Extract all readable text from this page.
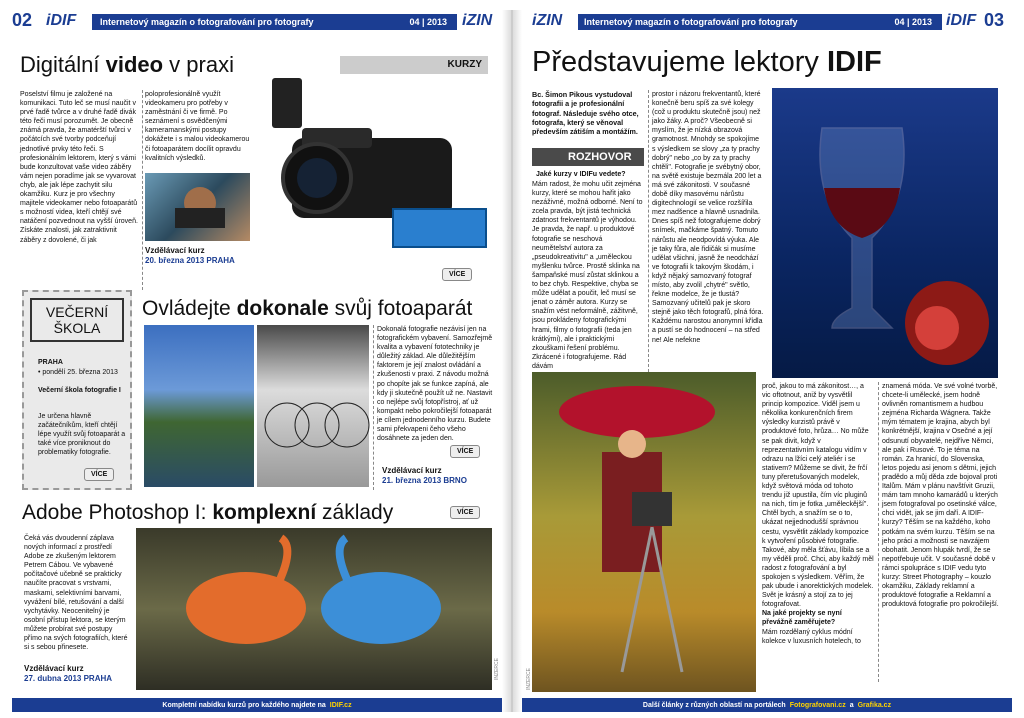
02 iDIF	Internetový magazín o fotografování pro fotografy	04 | 2013 iZIN
Digitální video v praxi	KURZY
Poselství filmu je založené na komunikaci. Tuto leč se musí naučit v prvé řadě tvůrce a v druhé řadě divák této řeči musí porozumět. Je obecně známá pravda, že amatérští tvůrci v počátcích své tvorby podceňují jednotlivé prvky této řeči. S profesionálním lektorem, který s vámi bude konzultovat vaše video záběry vám nejen poradíme jak se vyvarovat chyb, ale jak lépe zachytit silu okamžiku. Kurz je pro všechny majitele videokamer nebo fotoaparátů s možností videa, kteří chtějí své natáčení pozvednout na vyšší úroveň. Získáte znalosti, jak zatraktivnit záběry z dovolené, či jak
poloprofesionálně využít videokameru pro potřeby v zaměstnání či ve firmě. Po seznámení s osvědčenými kameramanskými postupy dokážete i s malou videokamerou či fotoaparátem docílit opravdu kvalitních výsledků.
Vzdělávací kurz
20. března 2013 PRAHA
VÍCE
VEČERNÍ
ŠKOLA
PRAHA
• pondělí 25. března 2013
Večerní škola fotografie I
Je určena hlavně začátečníkům, kteří chtějí lépe využít svůj fotoaparát a také více proniknout do problematiky fotografie.
VÍCE
Ovládejte dokonale svůj fotoaparát
Dokonalá fotografie nezávisí jen na fotografickém vybavení. Samozřejmě kvalita a vybavení fototechniky je důležitý základ. Ale důležitějším faktorem je její znalost ovládání a zkušenosti v praxi. Z návodu možná po chopíte jak se funkce zapíná, ale kdy ji skutečně použít už ne. Nastavit co nejlépe svůj fotopřístroj, ať už kompakt nebo pokročilejší fotoaparát je cílem jednodenního kurzu. Budete sami překvapeni čeho všeho dosáhnete za jeden den.
VÍCE
Vzdělávací kurz
21. března 2013 BRNO
Adobe Photoshop I: komplexní základy	VÍCE
Čeká vás dvoudenní záplava nových informací z prostředí Adobe ze zkušeným lektorem Petrem Cábou. Ve vybavené počítačové učebně se prakticky naučíte pracovat s vrstvami, maskami, selektivními barvami, vyvážení bílé, retušování a další vychytávky. Neocenitelný je osobní přístup lektora, se kterým můžete probírat své postupy přímo na svých fotografiích, které si s sebou přinesete.
Vzdělávací kurz
27. dubna 2013 PRAHA	INZERCE
Kompletní nabídku kurzů pro každého najdete na IDIF.cz
iZIN Internetový magazín o fotografování pro fotografy	04 | 2013 iDIF 03
Představujeme lektory IDIF
Bc. Šimon Pikous vystudoval fotografii a je profesionální fotograf. Následuje svého otce, fotografa, který se věnoval především zátiším a montážím.
ROZHOVOR
Jaké kurzy v IDIFu vedete?
Mám radost, že mohu učit zejména kurzy, které se mohou hařit jako nezáživné, možná odborné. Není to zcela pravda, být jistá technická zdatnost frekventantů je výhodou. Je pravda, že např. u produktové fotografie se neschová neumětelství autora za „pseudokreativitu" a „uměleckou myšlenku tvůrce. Prostě sklinka na šampaňské musí zůstat sklinkou a to bez chyb. Respektive, chyba se může udělat a poučit, leč musí se jenat o záměr autora. Kurzy se snažím vést neformálně, zážitvně, jsou prokládeny fotografickými hrami, filmy o fotografii (teda jen krátkými), ale i praktickými zkouškami řešení problému. Zkrácené i fotografujeme. Rád dávám
prostor i názoru frekventantů, které konečně beru spíš za své kolegy (což u produktu skutečně jsou) než jako žáky. A proč? Všeobecně si myslím, že je nízká obrazová gramotnost. Mnohdy se spokojíme s výsledkem se slovy „za ty prachy dobrý" nebo „co by za ty prachy chtěli". Fotografie je svébytný obor, na světě existuje bezmála 200 let a má své zákonitosti. V současné době díky masovému nárůstu digitechnologií se velice rozšířila mez nadšence a hlavně usnadnila. Dnes spíš než fotografujeme dobrý snímek, mačkáme špatný. Tomuto nárůstu ale neodpovídá výuka. Ale je taky fůra, ale řidičák si musíme udělat všichni, jasně že neodchází ve fotografii k takovým škodám, i když nějaký samozvaný fotograf místo, aby zvolil „chytré" světlo, řekne modelce, že je tlustá? Samozvaný učitelů pak je skoro stejně jako těch fotografů, plná fóra. Každému narostou anonymní křídla a pustí se do hodnocení – na střed ne! Ale nefekne
proč, jakou to má zákonitost…, a vic oftotnout, aniž by vysvětlil princip kompozice. Viděl jsem u několika konkurenčních firem výsledky kurzistů právě v produktové foto, hrůza… No může se pak divit, když v reprezentativním katalogu vidím v odrazu na lžíci celý ateliér i se stativem? Můžeme se divit, že frčí tuny přeretušovaných modelek, když světová móda od tohoto trendu již upustila, čím víc pluginů na nich, tím je fotka „uměleckější". Chtěl bych, a snažím se o to, ukázat nejjednodušší správnou cestu, vysvětlit základy kompozice k vytvoření působivé fotografie. Takové, aby měla šťávu, líbila se a my věděli proč. Chci, aby každý měl radost z fotografování a byl spokojen s výsledkem. Věřím, že pak ubude i anorektických modelek. Svět je krásný a stojí za to jej fotografovat.
Na jaké projekty se nyní převážně zaměřujete?
Mám rozdělaný cyklus módní kolekce v luxusních hotelech, to
znamená móda. Ve své volné tvorbě, chcete-li umělecké, jsem hodně ovlivněn romantismem a hudbou zejména Richarda Wágnera. Takže mým tématem je krajina, abych byl konkrétnější, krajina v Osečné a její odsunutí obyvatelé, nejdříve Němci, ale pak i Rusové. To je téma na román. Za hranicí, do Slovenska, letos pojedu asi jenom s dětmi, jejich pradědo a můj děda zde bojoval proti Italům. Mám v plánu navštívit Gruzii, mám tam mnoho kamarádů u kterých jsem fotografoval po osetinské válce, chci vidět, jak se jim daří. A IDIF-kurzy? Těším se na každého, koho potkám na svém kurzu. Těším se na jeho práci a možnosti se navzájem obohatit. Jenom hlupák tvrdí, že se nepotřebuje učit. V současné době v rámci spolupráce s IDIF vedu tyto kurzy: Street Photography – kouzlo okamžiku, Základy reklamní a produktové fotografie a Reklamní a produktová fotografie pro pokročilejší.
INZERCE
Další články z různých oblastí na portálech Fotografovani.cz a Grafika.cz
